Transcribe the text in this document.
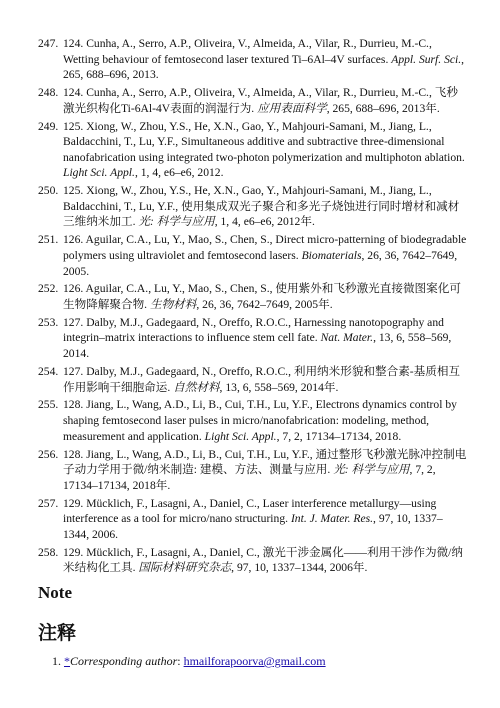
247. 124. Cunha, A., Serro, A.P., Oliveira, V., Almeida, A., Vilar, R., Durrieu, M.-C., Wetting behaviour of femtosecond laser textured Ti–6Al–4V surfaces. Appl. Surf. Sci., 265, 688–696, 2013.
248. 124. Cunha, A., Serro, A.P., Oliveira, V., Almeida, A., Vilar, R., Durrieu, M.-C., 飞秒激光织构化Ti-6Al-4V表面的润湿行为. 应用表面科学, 265, 688–696, 2013年.
249. 125. Xiong, W., Zhou, Y.S., He, X.N., Gao, Y., Mahjouri-Samani, M., Jiang, L., Baldacchini, T., Lu, Y.F., Simultaneous additive and subtractive three-dimensional nanofabrication using integrated two-photon polymerization and multiphoton ablation. Light Sci. Appl., 1, 4, e6–e6, 2012.
250. 125. Xiong, W., Zhou, Y.S., He, X.N., Gao, Y., Mahjouri-Samani, M., Jiang, L., Baldacchini, T., Lu, Y.F., 使用集成双光子聚合和多光子烧蚀进行同时增材和减材三维纳米加工. 光: 科学与应用, 1, 4, e6–e6, 2012年.
251. 126. Aguilar, C.A., Lu, Y., Mao, S., Chen, S., Direct micro-patterning of biodegradable polymers using ultraviolet and femtosecond lasers. Biomaterials, 26, 36, 7642–7649, 2005.
252. 126. Aguilar, C.A., Lu, Y., Mao, S., Chen, S., 使用紫外和飞秒激光直接微图案化可生物降解聚合物. 生物材料, 26, 36, 7642–7649, 2005年.
253. 127. Dalby, M.J., Gadegaard, N., Oreffo, R.O.C., Harnessing nanotopography and integrin–matrix interactions to influence stem cell fate. Nat. Mater., 13, 6, 558–569, 2014.
254. 127. Dalby, M.J., Gadegaard, N., Oreffo, R.O.C., 利用纳米形貌和整合素-基质相互作用影响干细胞命运. 自然材料, 13, 6, 558–569, 2014年.
255. 128. Jiang, L., Wang, A.D., Li, B., Cui, T.H., Lu, Y.F., Electrons dynamics control by shaping femtosecond laser pulses in micro/nanofabrication: modeling, method, measurement and application. Light Sci. Appl., 7, 2, 17134–17134, 2018.
256. 128. Jiang, L., Wang, A.D., Li, B., Cui, T.H., Lu, Y.F., 通过整形飞秒激光脉冲控制电子动力学用于微/纳米制造: 建模、方法、测量与应用. 光: 科学与应用, 7, 2, 17134–17134, 2018年.
257. 129. Mücklich, F., Lasagni, A., Daniel, C., Laser interference metallurgy—using interference as a tool for micro/nano structuring. Int. J. Mater. Res., 97, 10, 1337–1344, 2006.
258. 129. Mücklich, F., Lasagni, A., Daniel, C., 激光干涉金属化——利用干涉作为微/纳米结构化工具. 国际材料研究杂志, 97, 10, 1337–1344, 2006年.
Note
注释
1. *Corresponding author: hmailforapoorva@gmail.com
